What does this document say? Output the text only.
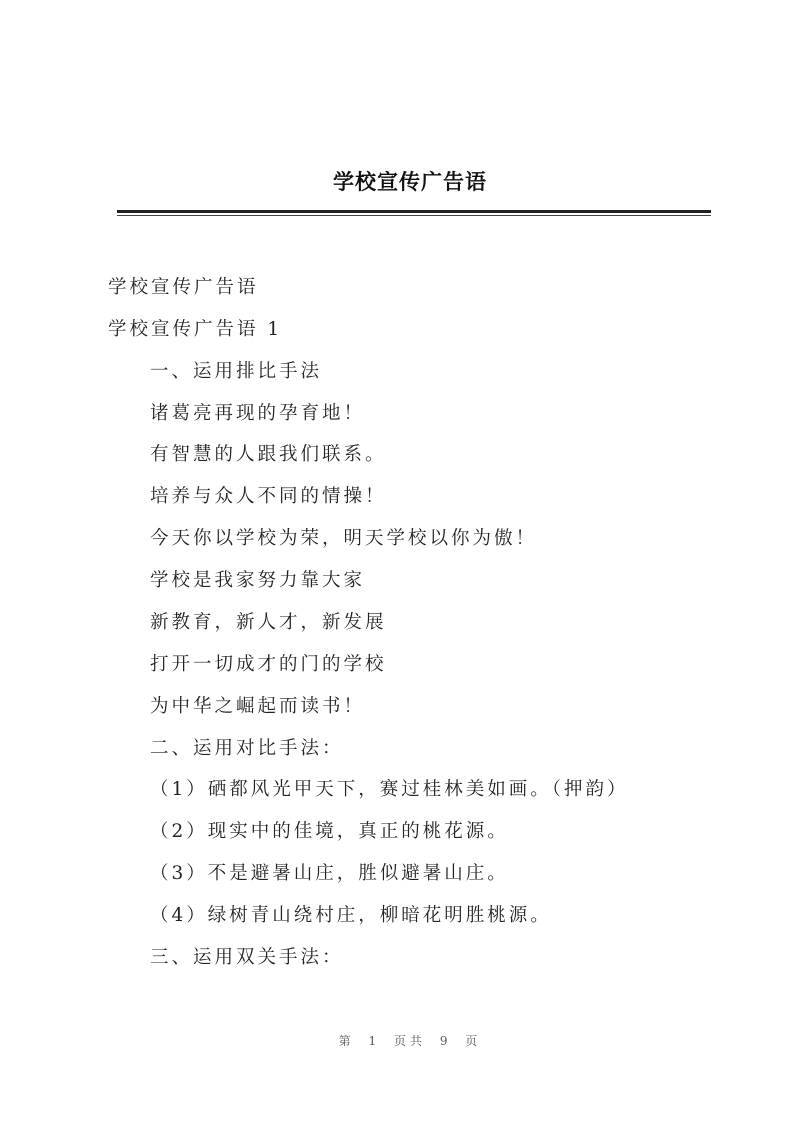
学校宣传广告语
学校宣传广告语
学校宣传广告语 1
一、运用排比手法
诸葛亮再现的孕育地！
有智慧的人跟我们联系。
培养与众人不同的情操！
今天你以学校为荣，明天学校以你为傲！
学校是我家努力靠大家
新教育，新人才，新发展
打开一切成才的门的学校
为中华之崛起而读书！
二、运用对比手法：
（1）硒都风光甲天下，赛过桂林美如画。（押韵）
（2）现实中的佳境，真正的桃花源。
（3）不是避暑山庄，胜似避暑山庄。
（4）绿树青山绕村庄，柳暗花明胜桃源。
三、运用双关手法：
第 1 页共 9 页
